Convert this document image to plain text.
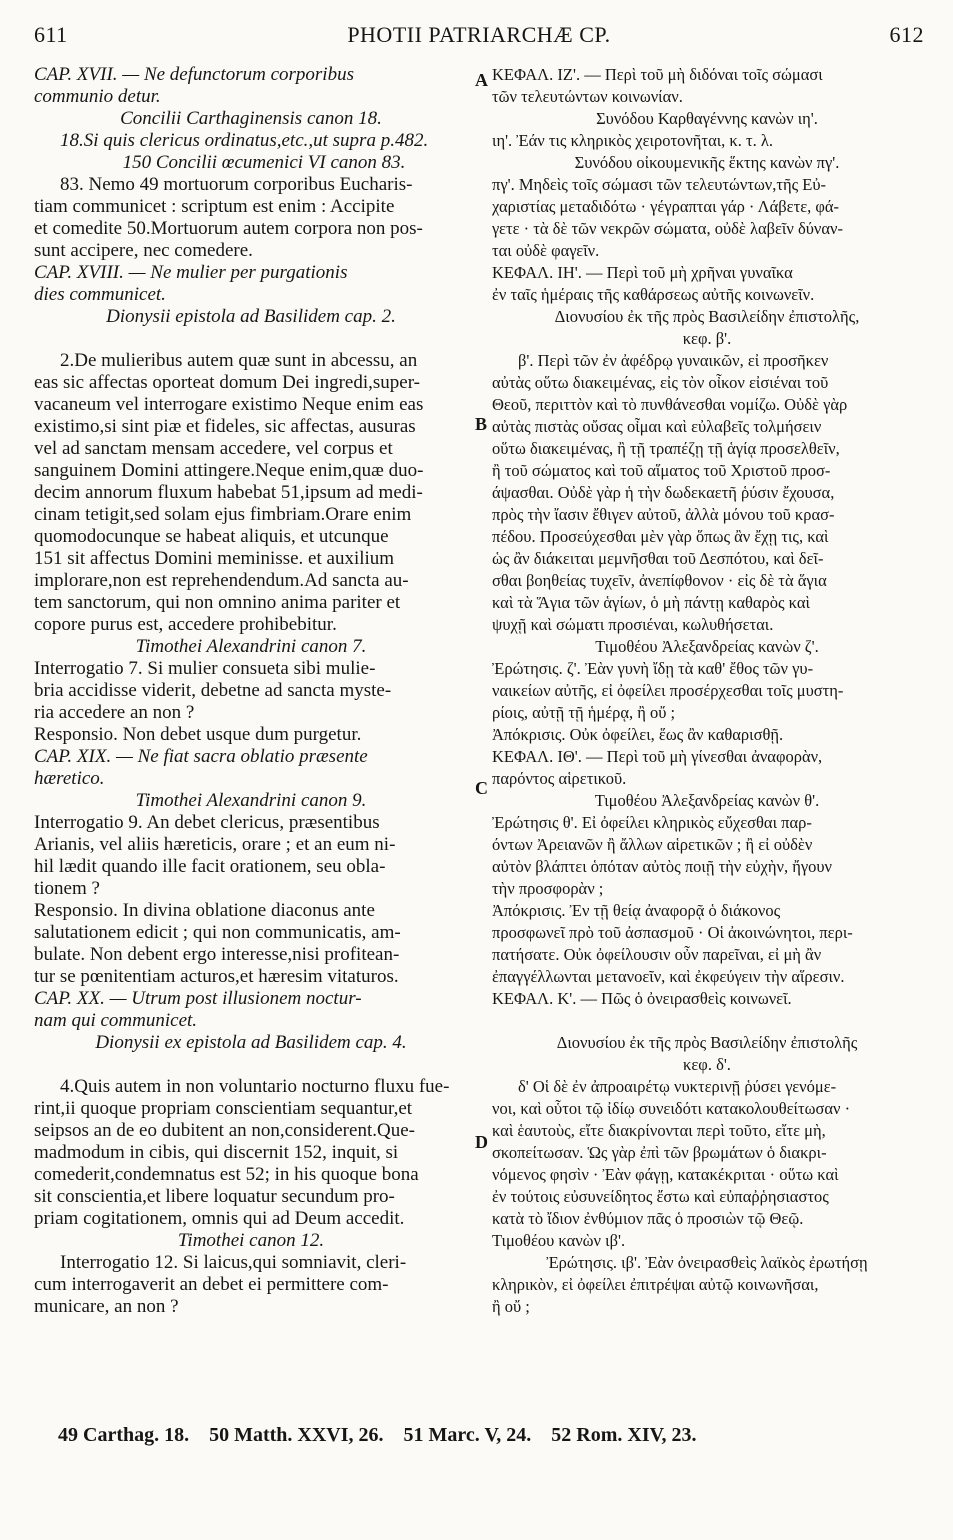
611	PHOTII PATRIARCHÆ CP.	612
CAP. XVII. — Ne defunctorum corporibus
communio detur.
Concilii Carthaginensis canon 18.
18.Si quis clericus ordinatus,etc.,ut supra p.482.
150 Concilii œcumenici VI canon 83.
83. Nemo 49 mortuorum corporibus Eucharis-
tiam communicet : scriptum est enim : Accipite
et comedite 50.Mortuorum autem corpora non pos-
sunt accipere, nec comedere.
CAP. XVIII. — Ne mulier per purgationis
dies communicet.
Dionysii epistola ad Basilidem cap. 2.
2.De mulieribus autem quæ sunt in abcessu, an
eas sic affectas oporteat domum Dei ingredi,super-
vacaneum vel interrogare existimo Neque enim eas
existimo,si sint piæ et fideles, sic affectas, ausuras
vel ad sanctam mensam accedere, vel corpus et
sanguinem Domini attingere.Neque enim,quæ duo-
decim annorum fluxum habebat 51,ipsum ad medi-
cinam tetigit,sed solam ejus fimbriam.Orare enim
quomodocunque se habeat aliquis, et utcunque
151 sit affectus Domini meminisse. et auxilium
implorare,non est reprehendendum.Ad sancta au-
tem sanctorum, qui non omnino anima pariter et
copore purus est, accedere prohibebitur.
Timothei Alexandrini canon 7.
Interrogatio 7. Si mulier consueta sibi mulie-
bria accidisse viderit, debetne ad sancta myste-
ria accedere an non ?
Responsio. Non debet usque dum purgetur.
CAP. XIX. — Ne fiat sacra oblatio præsente
hæretico.
Timothei Alexandrini canon 9.
Interrogatio 9. An debet clericus, præsentibus
Arianis, vel aliis hæreticis, orare ; et an eum ni-
hil lædit quando ille facit orationem, seu obla-
tionem ?
Responsio. In divina oblatione diaconus ante
salutationem edicit ; qui non communicatis, am-
bulate. Non debent ergo interesse,nisi profitean-
tur se pœnitentiam acturos,et hæresim vitaturos.
CAP. XX. — Utrum post illusionem noctur-
nam qui communicet.
Dionysii ex epistola ad Basilidem cap. 4.
4.Quis autem in non voluntario nocturno fluxu fue-
rint,ii quoque propriam conscientiam sequantur,et
seipsos an de eo dubitent an non,considerent.Que-
madmodum in cibis, qui discernit 152, inquit, si
comederit,condemnatus est 52; in his quoque bona
sit conscientia,et libere loquatur secundum pro-
priam cogitationem, omnis qui ad Deum accedit.
Timothei canon 12.
Interrogatio 12. Si laicus,qui somniavit, cleri-
cum interrogaverit an debet ei permittere com-
municare, an non ?
ΚΕΦΑΛ. ΙΖ'. — Περὶ τοῦ μὴ διδόναι τοῖς σώμασι
τῶν τελευτώντων κοινωνίαν.
Συνόδου Καρθαγέννης κανὼν ιη'.
ιη'. Ἐάν τις κληρικὸς χειροτονῆται, κ. τ. λ.
Συνόδου οἰκουμενικῆς ἕκτης κανὼν πγ'.
πγ'. Μηδεὶς τοῖς σώμασι τῶν τελευτώντων,τῆς Εὐ-
χαριστίας μεταδιδότω · γέγραπται γάρ · Λάβετε, φά-
γετε · τὰ δὲ τῶν νεκρῶν σώματα, οὐδὲ λαβεῖν δύναν-
ται οὐδὲ φαγεῖν.
ΚΕΦΑΛ. ΙΗ'. — Περὶ τοῦ μὴ χρῆναι γυναῖκα
ἐν ταῖς ἡμέραις τῆς καθάρσεως αὐτῆς κοινωνεῖν.
Διονυσίου ἐκ τῆς πρὸς Βασιλείδην ἐπιστολῆς,
κεφ. β'.
β'. Περὶ τῶν ἐν ἀφέδρῳ γυναικῶν, εἰ προσῆκεν
αὐτὰς οὕτω διακειμένας, εἰς τὸν οἶκον εἰσιέναι τοῦ
Θεοῦ, περιττὸν καὶ τὸ πυνθάνεσθαι νομίζω. Οὐδὲ γὰρ
αὐτὰς πιστὰς οὔσας οἶμαι καὶ εὐλαβεῖς τολμήσειν
οὕτω διακειμένας, ἢ τῇ τραπέζῃ τῇ ἁγίᾳ προσελθεῖν,
ἢ τοῦ σώματος καὶ τοῦ αἵματος τοῦ Χριστοῦ προσ-
άψασθαι. Οὐδὲ γὰρ ἡ τὴν δωδεκαετῆ ῥύσιν ἔχουσα,
πρὸς τὴν ἴασιν ἔθιγεν αὐτοῦ, ἀλλὰ μόνου τοῦ κρασ-
πέδου. Προσεύχεσθαι μὲν γὰρ ὅπως ἂν ἔχῃ τις, καὶ
ὡς ἂν διάκειται μεμνῆσθαι τοῦ Δεσπότου, καὶ δεῖ-
σθαι βοηθείας τυχεῖν, ἀνεπίφθονον · εἰς δὲ τὰ ἅγια
καὶ τὰ Ἅγια τῶν ἁγίων, ὁ μὴ πάντῃ καθαρὸς καὶ
ψυχῇ καὶ σώματι προσιέναι, κωλυθήσεται.
Τιμοθέου Ἀλεξανδρείας κανὼν ζ'.
Ἐρώτησις. ζ'. Ἐὰν γυνὴ ἴδῃ τὰ καθ' ἔθος τῶν γυ-
ναικείων αὐτῆς, εἰ ὀφείλει προσέρχεσθαι τοῖς μυστη-
ρίοις, αὐτῇ τῇ ἡμέρᾳ, ἢ οὔ ;
Ἀπόκρισις. Οὐκ ὀφείλει, ἕως ἂν καθαρισθῇ.
ΚΕΦΑΛ. ΙΘ'. — Περὶ τοῦ μὴ γίνεσθαι ἀναφορὰν,
παρόντος αἱρετικοῦ.
Τιμοθέου Ἀλεξανδρείας κανὼν θ'.
Ἐρώτησις θ'. Εἰ ὀφείλει κληρικὸς εὔχεσθαι παρ-
όντων Ἀρειανῶν ἢ ἄλλων αἱρετικῶν ; ἢ εἰ οὐδὲν
αὐτὸν βλάπτει ὁπόταν αὐτὸς ποιῇ τὴν εὐχὴν, ἤγουν
τὴν προσφορὰν ;
Ἀπόκρισις. Ἐν τῇ θείᾳ ἀναφορᾷ ὁ διάκονος
προσφωνεῖ πρὸ τοῦ ἀσπασμοῦ · Οἱ ἀκοινώνητοι, περι-
πατήσατε. Οὐκ ὀφείλουσιν οὖν παρεῖναι, εἰ μὴ ἂν
ἐπαγγέλλωνται μετανοεῖν, καὶ ἐκφεύγειν τὴν αἵρεσιν.
ΚΕΦΑΛ. Κ'. — Πῶς ὁ ὀνειρασθεὶς κοινωνεῖ.
Διονυσίου ἐκ τῆς πρὸς Βασιλείδην ἐπιστολῆς
κεφ. δ'.
δ' Οἱ δὲ ἐν ἀπροαιρέτῳ νυκτερινῇ ῥύσει γενόμε-
νοι, καὶ οὗτοι τῷ ἰδίῳ συνειδότι κατακολουθείτωσαν ·
καὶ ἑαυτοὺς, εἴτε διακρίνονται περὶ τοῦτο, εἴτε μὴ,
σκοπείτωσαν. Ὡς γὰρ ἐπὶ τῶν βρωμάτων ὁ διακρι-
νόμενος φησὶν · Ἐὰν φάγῃ, κατακέκριται · οὕτω καὶ
ἐν τούτοις εὐσυνείδητος ἔστω καὶ εὐπαῤῥησιαστος
κατὰ τὸ ἴδιον ἐνθύμιον πᾶς ὁ προσιὼν τῷ Θεῷ.
Τιμοθέου κανὼν ιβ'.
Ἐρώτησις. ιβ'. Ἐὰν ὀνειρασθεὶς λαϊκὸς ἐρωτήσῃ
κληρικὸν, εἰ ὀφείλει ἐπιτρέψαι αὐτῷ κοινωνῆσαι,
ἢ οὔ ;
A
B
C
D
49 Carthag. 18.    50 Matth. XXVI, 26.    51 Marc. V, 24.    52 Rom. XIV, 23.
